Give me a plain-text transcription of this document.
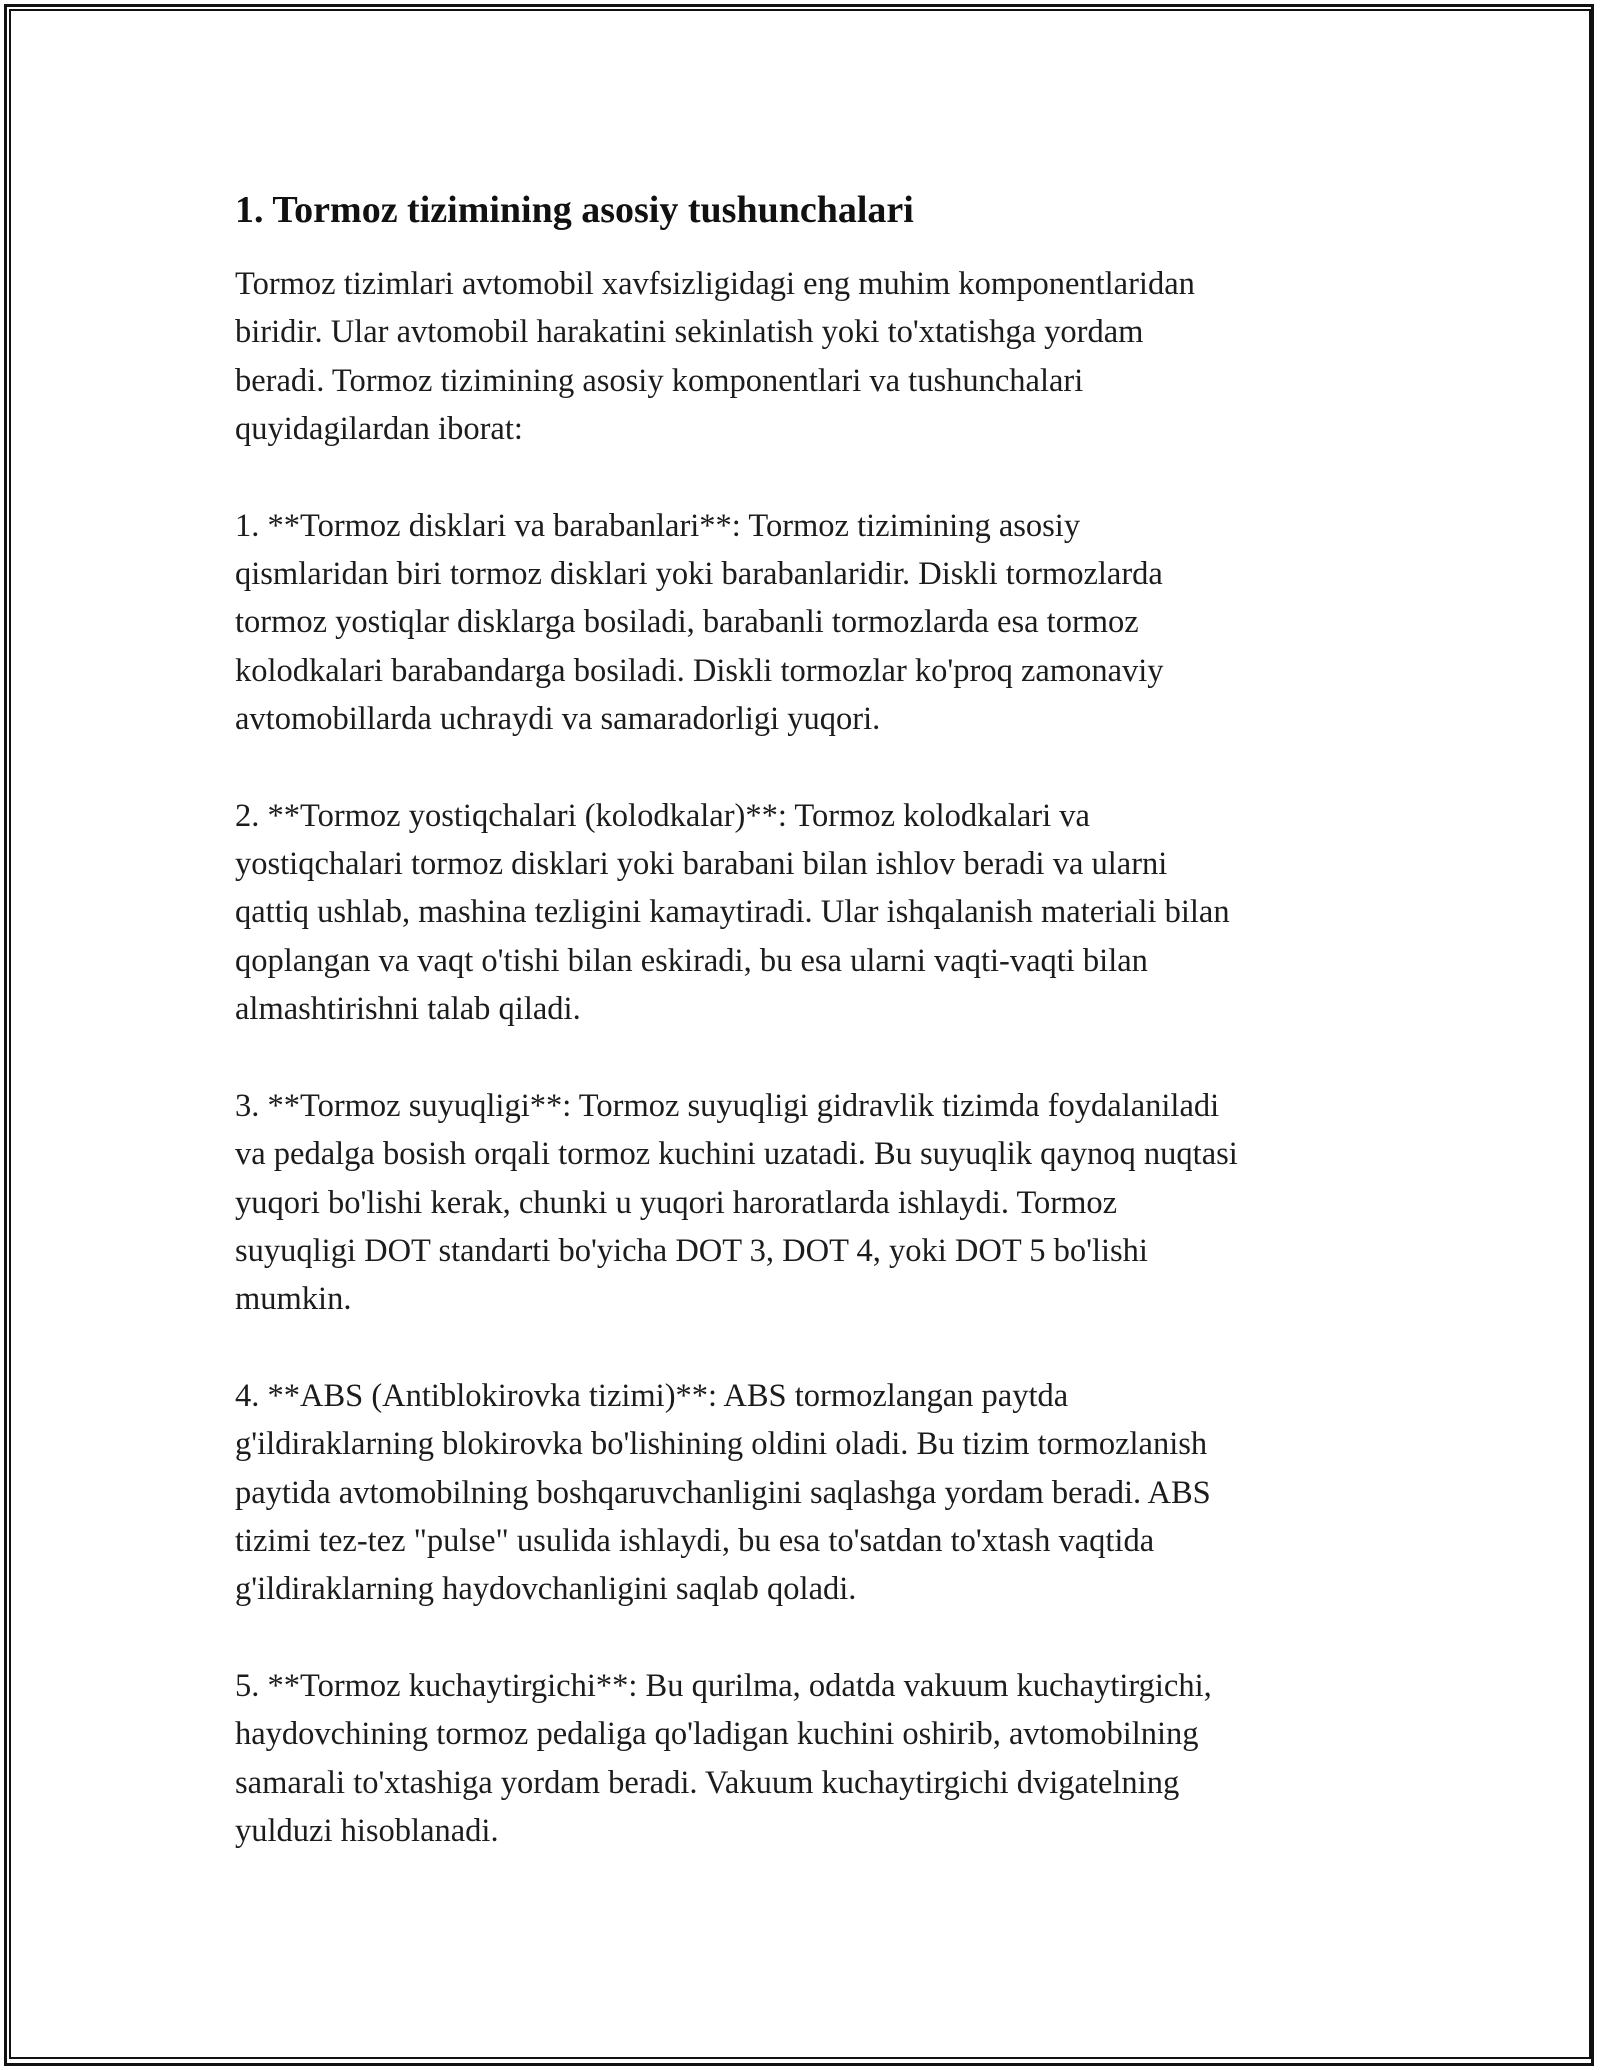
1. Tormoz tizimining asosiy tushunchalari

Tormoz tizimlari avtomobil xavfsizligidagi eng muhim komponentlaridan
biridir. Ular avtomobil harakatini sekinlatish yoki to'xtatishga yordam
beradi. Tormoz tizimining asosiy komponentlari va tushunchalari
quyidagilardan iborat:

1. **Tormoz disklari va barabanlari**: Tormoz tizimining asosiy
qismlaridan biri tormoz disklari yoki barabanlaridir. Diskli tormozlarda
tormoz yostiqlar disklarga bosiladi, barabanli tormozlarda esa tormoz
kolodkalari barabandarga bosiladi. Diskli tormozlar ko'proq zamonaviy
avtomobillarda uchraydi va samaradorligi yuqori.

2. **Tormoz yostiqchalari (kolodkalar)**: Tormoz kolodkalari va
yostiqchalari tormoz disklari yoki barabani bilan ishlov beradi va ularni
qattiq ushlab, mashina tezligini kamaytiradi. Ular ishqalanish materiali bilan
qoplangan va vaqt o'tishi bilan eskiradi, bu esa ularni vaqti-vaqti bilan
almashtirishni talab qiladi.

3. **Tormoz suyuqligi**: Tormoz suyuqligi gidravlik tizimda foydalaniladi
va pedalga bosish orqali tormoz kuchini uzatadi. Bu suyuqlik qaynoq nuqtasi
yuqori bo'lishi kerak, chunki u yuqori haroratlarda ishlaydi. Tormoz
suyuqligi DOT standarti bo'yicha DOT 3, DOT 4, yoki DOT 5 bo'lishi
mumkin.

4. **ABS (Antiblokirovka tizimi)**: ABS tormozlangan paytda
g'ildiraklarning blokirovka bo'lishining oldini oladi. Bu tizim tormozlanish
paytida avtomobilning boshqaruvchanligini saqlashga yordam beradi. ABS
tizimi tez-tez "pulse" usulida ishlaydi, bu esa to'satdan to'xtash vaqtida
g'ildiraklarning haydovchanligini saqlab qoladi.

5. **Tormoz kuchaytirgichi**: Bu qurilma, odatda vakuum kuchaytirgichi,
haydovchining tormoz pedaliga qo'ladigan kuchini oshirib, avtomobilning
samarali to'xtashiga yordam beradi. Vakuum kuchaytirgichi dvigatelning
yulduzi hisoblanadi.
